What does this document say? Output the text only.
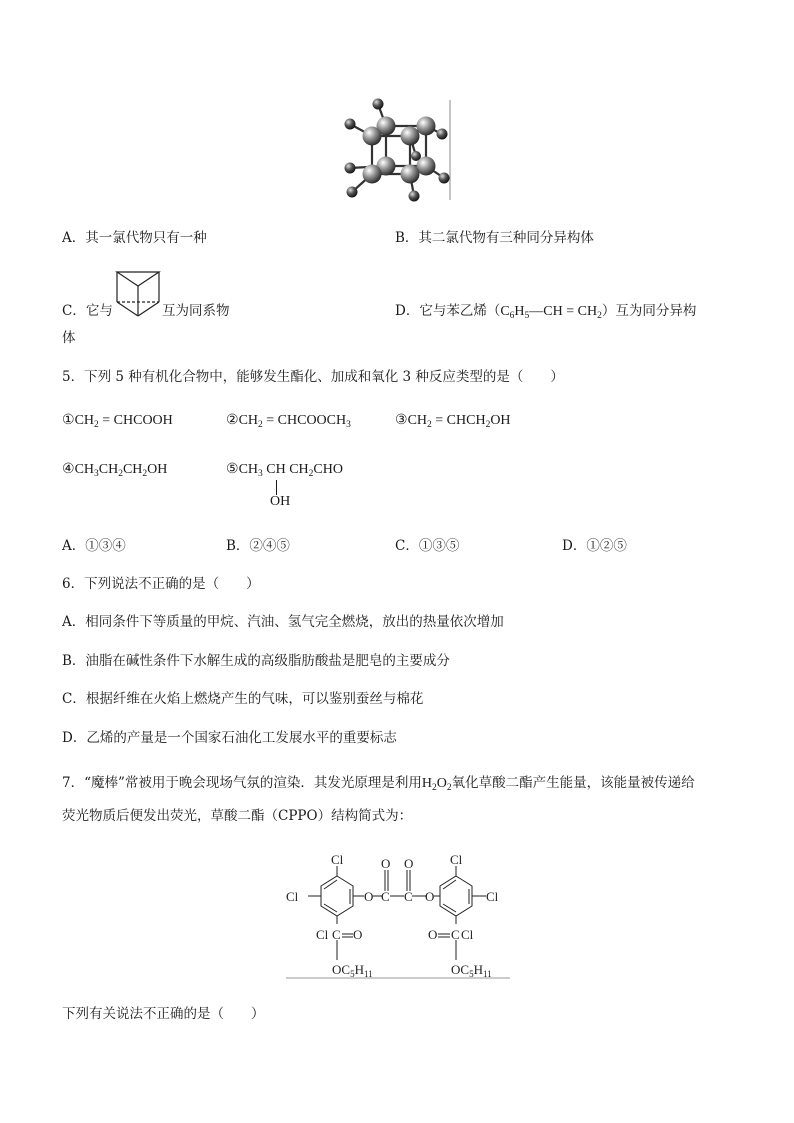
A．其一氯代物只有一种	B．其二氯代物有三种同分异构体
C．它与	互为同系物	D．它与苯乙烯$(C_6H_5—CH = CH_2)$互为同分异构
体
5．下列 5 种有机化合物中，能够发生酯化、加成和氧化 3 种反应类型的是（　　）
$①CH_2$ = CHCOOH	$②CH_2$ = $CHCOOCH_3$	$③CH_2$ = $CHCH_2OH$
$④CH_3CH_2CH_2OH$	$⑤CH_3$ CH $CH_2CHO$
OH
A．①③④	B．②④⑤	C．①③⑤	D．①②⑤
6．下列说法不正确的是（　　）
A．相同条件下等质量的甲烷、汽油、氢气完全燃烧，放出的热量依次增加
B．油脂在碱性条件下水解生成的高级脂肪酸盐是肥皂的主要成分
C．根据纤维在火焰上燃烧产生的气味，可以鉴别蚕丝与棉花
D．乙烯的产量是一个国家石油化工发展水平的重要标志
7．“魔棒”常被用于晚会现场气氛的渲染．其发光原理是利用$H_2O_2$氧化草酸二酯产生能量，该能量被传递给
荧光物质后便发出荧光，草酸二酯（CPPO）结构简式为：
Cl
Cl
Cl
O C C
O O
O
Cl
Cl
Cl
C O	C
O
$OC_5H_{11}$	$OC_5H_{11}$
下列有关说法不正确的是（　　）
